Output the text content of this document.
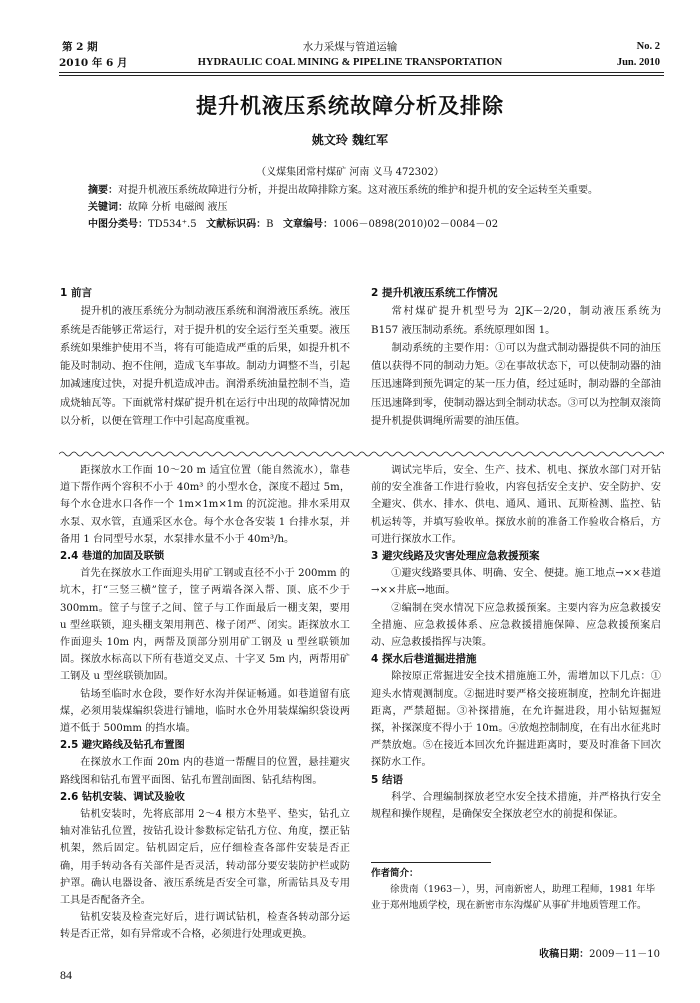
第 2 期
2010 年 6 月
水力采煤与管道运输
HYDRAULIC COAL MINING & PIPELINE TRANSPORTATION
No. 2
Jun. 2010
提升机液压系统故障分析及排除
姚文玲 魏红军
（义煤集团常村煤矿 河南 义马 472302）
摘要：对提升机液压系统故障进行分析，并提出故障排除方案。这对液压系统的维护和提升机的安全运转至关重要。
关键词：故障 分析 电磁阀 液压
中图分类号：TD534⁺.5 文献标识码：B 文章编号：1006－0898(2010)02－0084－02

1 前言

提升机的液压系统分为制动液压系统和润滑液压系统。液压系统是否能够正常运行，对于提升机的安全运行至关重要。液压系统如果维护使用不当，将有可能造成严重的后果，如提升机不能及时制动、抱不住闸，造成飞车事故。制动力调整不当，引起加减速度过快，对提升机造成冲击。润滑系统油量控制不当，造成烧轴瓦等。下面就常村煤矿提升机在运行中出现的故障情况加以分析，以便在管理工作中引起高度重视。

2 提升机液压系统工作情况

常村煤矿提升机型号为 2JK－2/20，制动液压系统为 B157 液压制动系统。系统原理如图 1。

制动系统的主要作用：①可以为盘式制动器提供不同的油压值以获得不同的制动力矩。②在事故状态下，可以使制动器的油压迅速降到预先调定的某一压力值，经过延时，制动器的全部油压迅速降到零，使制动器达到全制动状态。③可以为控制双滚筒提升机提供调绳所需要的油压值。

距探放水工作面 10～20 m 适宜位置（能自然流水），靠巷道下帮作两个容积不小于 40m³ 的小型水仓，深度不超过 5m，每个水仓进水口各作一个 1m×1m×1m 的沉淀池。排水采用双水泵、双水管，直通采区水仓。每个水仓各安装 1 台排水泵，并备用 1 台同型号水泵，水泵排水量不小于 40m³/h。

2.4 巷道的加固及联锁

首先在探放水工作面迎头用矿工钢或直径不小于 200mm 的坑木，打“三竖三横”筐子，筐子两端各深入帮、顶、底不少于 300mm。筐子与筐子之间、筐子与工作面最后一棚支架，要用 u 型丝联锁，迎头棚支架用荆芭、椽子闭严、闭实。距探放水工作面迎头 10m 内，两帮及顶部分别用矿工钢及 u 型丝联锁加固。探放水标高以下所有巷道交叉点、十字叉 5m 内，两帮用矿工钢及 u 型丝联锁加固。

钻场至临时水仓段，要作好水沟并保证畅通。如巷道留有底煤，必须用装煤编织袋进行铺地，临时水仓外用装煤编织袋设两道不低于 500mm 的挡水墙。

2.5 避灾路线及钻孔布置图

在探放水工作面 20m 内的巷道一帮醒目的位置，悬挂避灾路线图和钻孔布置平面图、钻孔布置剖面图、钻孔结构图。

2.6 钻机安装、调试及验收

钻机安装时，先将底部用 2～4 根方木垫平、垫实，钻孔立轴对准钻孔位置，按钻孔设计参数标定钻孔方位、角度，摆正钻机架，然后固定。钻机固定后，应仔细检查各部件安装是否正确，用手转动各有关部件是否灵活，转动部分要安装防护栏或防护罩。确认电器设备、液压系统是否安全可靠，所需钻具及专用工具是否配备齐全。

钻机安装及检查完好后，进行调试钻机，检查各转动部分运转是否正常，如有异常或不合格，必须进行处理或更换。

调试完毕后，安全、生产、技术、机电、探放水部门对开钻前的安全准备工作进行验收，内容包括安全支护、安全防护、安全避灾、供水、排水、供电、通风、通讯、瓦斯检测、监控、钻机运转等，并填写验收单。探放水前的准备工作验收合格后，方可进行探放水工作。

3 避灾线路及灾害处理应急救援预案

①避灾线路要具体、明确、安全、便捷。施工地点→××巷道→××井底→地面。

②编制在突水情况下应急救援预案。主要内容为应急救援安全措施、应急救援体系、应急救援措施保障、应急救援预案启动、应急救援指挥与决策。

4 探水后巷道掘进措施

除按原正常掘进安全技术措施施工外，需增加以下几点：①迎头水情观测制度。②掘进时要严格交接班制度，控制允许掘进距离，严禁超掘。③补探措施，在允许掘进段，用小钻短掘短探，补探深度不得小于 10m。④放炮控制制度，在有出水征兆时严禁放炮。⑤在接近本回次允许掘进距离时，要及时准备下回次探防水工作。

5 结语

科学、合理编制探放老空水安全技术措施，并严格执行安全规程和操作规程，是确保安全探放老空水的前提和保证。

作者简介：

徐贵南（1963－），男，河南新密人，助理工程师，1981 年毕业于郑州地质学校，现在新密市东沟煤矿从事矿井地质管理工作。
收稿日期：2009－11－10
84
